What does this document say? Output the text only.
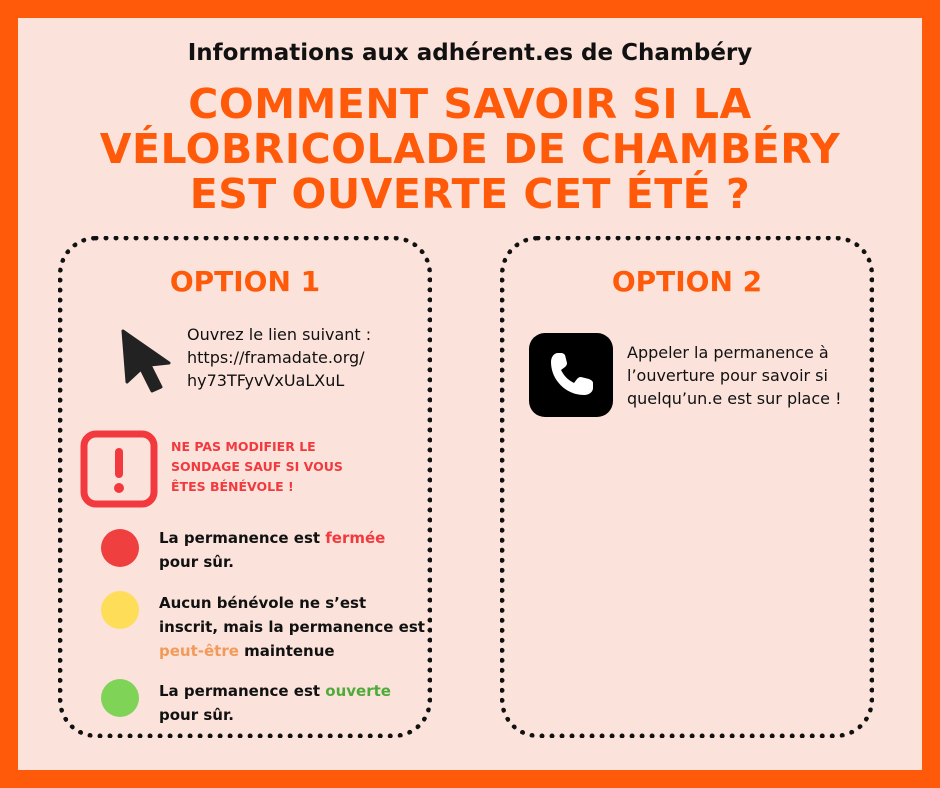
Informations aux adhérent.es de Chambéry
COMMENT SAVOIR SI LA
VÉLOBRICOLADE DE CHAMBÉRY
EST OUVERTE CET ÉTÉ ?
OPTION 1
Ouvrez le lien suivant :
https://framadate.org/
hy73TFyvVxUaLXuL
NE PAS MODIFIER LE
SONDAGE SAUF SI VOUS
ÊTES BÉNÉVOLE !
La permanence est fermée
pour sûr.
Aucun bénévole ne s’est inscrit, mais la permanence est peut-être maintenue
La permanence est ouverte
pour sûr.
OPTION 2
Appeler la permanence à
l’ouverture pour savoir si
quelqu’un.e est sur place !
